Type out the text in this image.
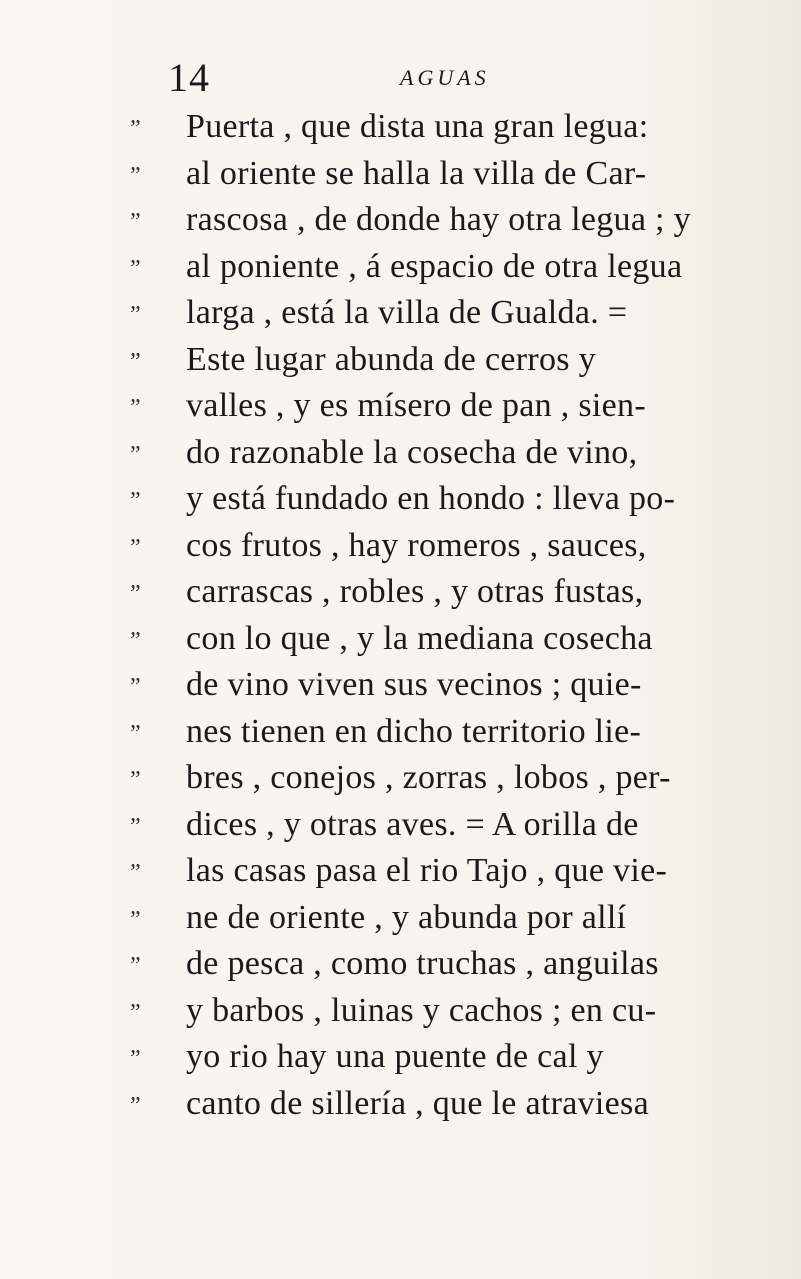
14	AGUAS
”	Puerta , que dista una gran legua:
”	al oriente se halla la villa de Car-
”	rascosa , de donde hay otra legua ; y
”	al poniente , á espacio de otra legua
”	larga , está la villa de Gualda. =
”	Este lugar abunda de cerros y
”	valles , y es mísero de pan , sien-
”	do razonable la cosecha de vino,
”	y está fundado en hondo : lleva po-
”	cos frutos , hay romeros , sauces,
”	carrascas , robles , y otras fustas,
”	con lo que , y la mediana cosecha
”	de vino viven sus vecinos ; quie-
”	nes tienen en dicho territorio lie-
”	bres , conejos , zorras , lobos , per-
”	dices , y otras aves. = A orilla de
”	las casas pasa el rio Tajo , que vie-
”	ne de oriente , y abunda por allí
”	de pesca , como truchas , anguilas
”	y barbos , luinas y cachos ; en cu-
”	yo rio hay una puente de cal y
”	canto de sillería , que le atraviesa
